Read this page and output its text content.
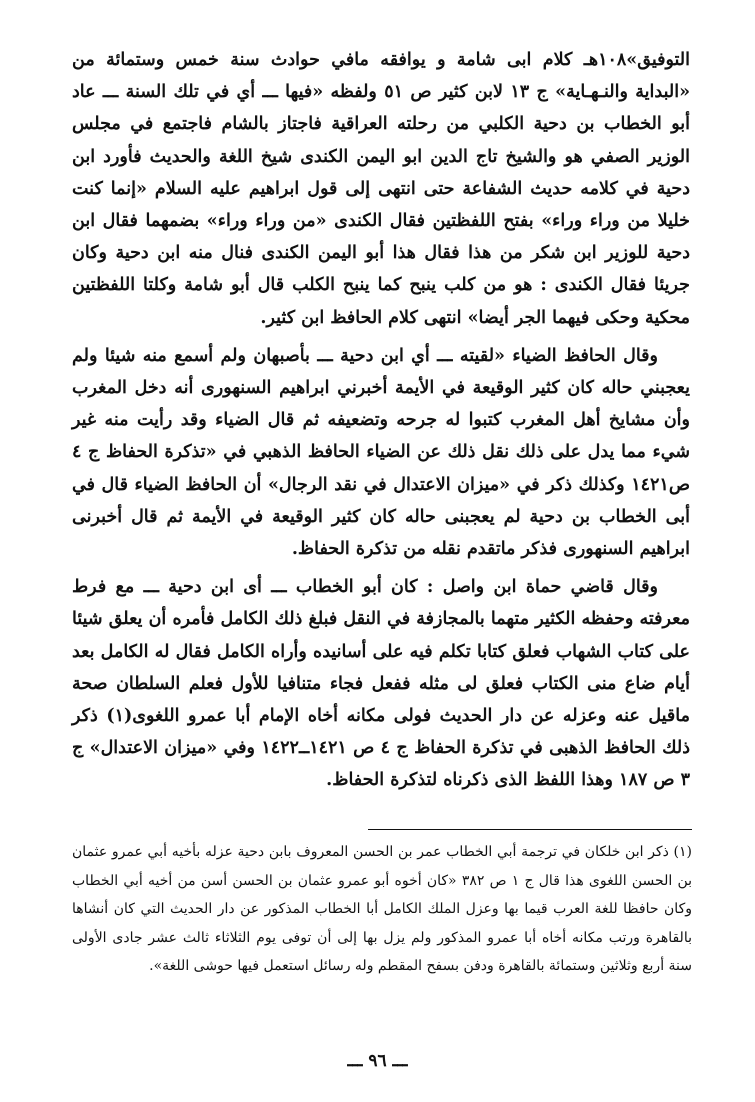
التوفيق»۱۰۸هـ كلام ابى شامة و يوافقه مافي حوادث سنة خمس وستمائة من «البداية والنـهـاية» ج ۱۳ لابن كثير ص ٥١ ولفظه «فيها ـــ أي في تلك السنة ـــ عاد أبو الخطاب بن دحية الكلبي من رحلته العراقية فاجتاز بالشام فاجتمع في مجلس الوزير الصفي هو والشيخ تاج الدين ابو اليمن الكندى شيخ اللغة والحديث فأورد ابن دحية في كلامه حديث الشفاعة حتى انتهى إلى قول ابراهيم عليه السلام «إنما كنت خليلا من وراء وراء» بفتح اللفظتين فقال الكندى «من وراء وراء» بضمهما فقال ابن دحية للوزير ابن شكر من هذا فقال هذا أبو اليمن الكندى فنال منه ابن دحية وكان جريئا فقال الكندى : هو من كلب ينبح كما ينبح الكلب قال أبو شامة وكلتا اللفظتين محكية وحكى فيهما الجر أيضا» انتهى كلام الحافظ ابن كثير.

وقال الحافظ الضياء «لقيته ـــ أي ابن دحية ـــ بأصبهان ولم أسمع منه شيئا ولم يعجبني حاله كان كثير الوقيعة في الأيمة أخبرني ابراهيم السنهورى أنه دخل المغرب وأن مشايخ أهل المغرب كتبوا له جرحه وتضعيفه ثم قال الضياء وقد رأيت منه غير شيء مما يدل على ذلك نقل ذلك عن الضياء الحافظ الذهبي في «تذكرة الحفاظ ج ٤ ص١٤٢١ وكذلك ذكر في «ميزان الاعتدال في نقد الرجال» أن الحافظ الضياء قال في أبى الخطاب بن دحية لم يعجبنى حاله كان كثير الوقيعة في الأيمة ثم قال أخبرنى ابراهيم السنهورى فذكر ماتقدم نقله من تذكرة الحفاظ.

وقال قاضي حماة ابن واصل : كان أبو الخطاب ـــ أى ابن دحية ـــ مع فرط معرفته وحفظه الكثير متهما بالمجازفة في النقل فبلغ ذلك الكامل فأمره أن يعلق شيئا على كتاب الشهاب فعلق كتابا تكلم فيه على أسانيده وأراه الكامل فقال له الكامل بعد أيام ضاع منى الكتاب فعلق لى مثله ففعل فجاء متنافيا للأول فعلم السلطان صحة ماقيل عنه وعزله عن دار الحديث فولى مكانه أخاه الإمام أبا عمرو اللغوى(١) ذكر ذلك الحافظ الذهبى في تذكرة الحفاظ ج ٤ ص ١٤٢١ــ١٤٢٢ وفي «ميزان الاعتدال» ج ٣ ص ١٨٧ وهذا اللفظ الذى ذكرناه لتذكرة الحفاظ.

(١) ذكر ابن خلكان في ترجمة أبي الخطاب عمر بن الحسن المعروف بابن دحية عزله بأخيه أبي عمرو عثمان بن الحسن اللغوى هذا قال ج ١ ص ٣٨٢ «كان أخوه أبو عمرو عثمان بن الحسن أسن من أخيه أبي الخطاب وكان حافظا للغة العرب قيما بها وعزل الملك الكامل أبا الخطاب المذكور عن دار الحديث التي كان أنشاها بالقاهرة ورتب مكانه أخاه أبا عمرو المذكور ولم يزل بها إلى أن توفى يوم الثلاثاء ثالث عشر جادى الأولى سنة أربع وثلاثين وستمائة بالقاهرة ودفن بسفح المقطم وله رسائل استعمل فيها حوشى اللغة».

ـــ ٩٦ ـــ
